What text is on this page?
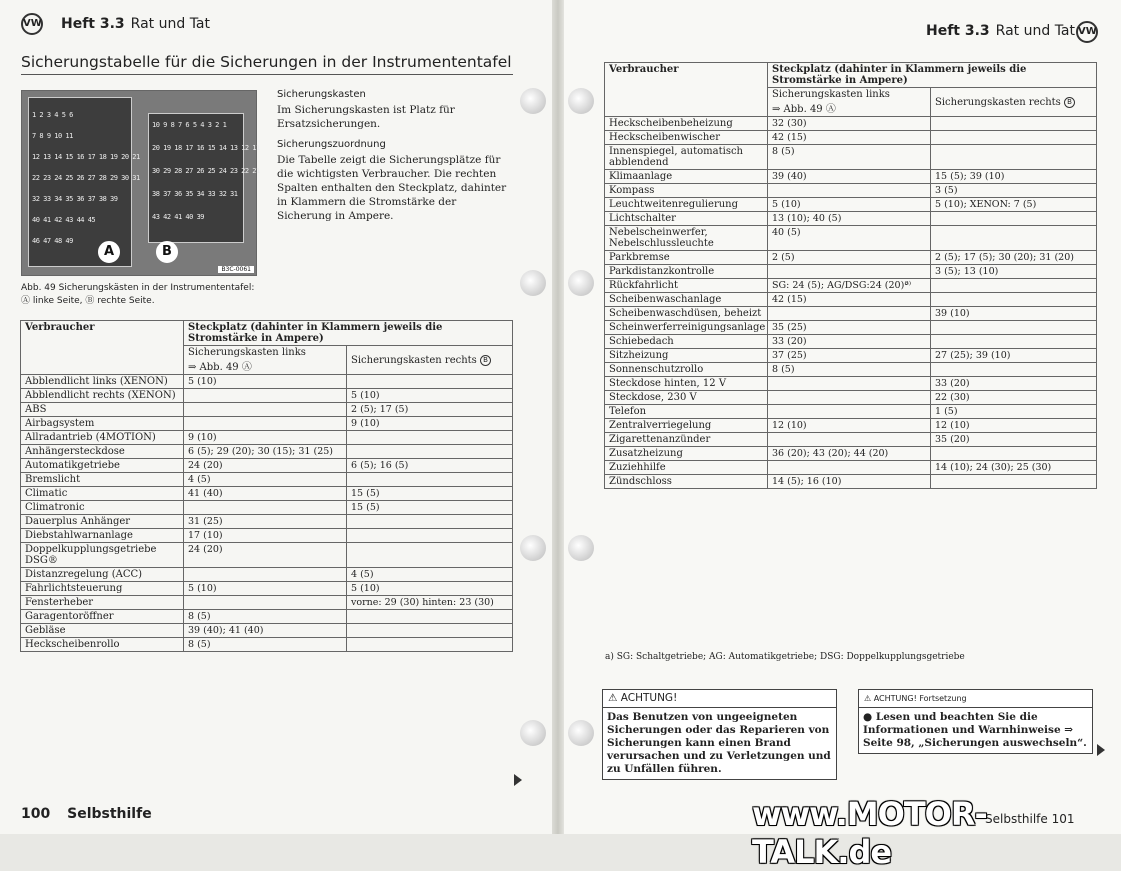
VW Heft 3.3 Rat und Tat
Sicherungstabelle für die Sicherungen in der Instrumententafel
1 2 3 4 5 6
7 8 9 10 11
12 13 14 15 16 17 18 19 20 21
22 23 24 25 26 27 28 29 30 31
32 33 34 35 36 37 38 39
40 41 42 43 44 45
46 47 48 49
10 9 8 7 6 5 4 3 2 1
20 19 18 17 16 15 14 13 12 11
30 29 28 27 26 25 24 23 22 21
38 37 36 35 34 33 32 31
43 42 41 40 39
A	B
B3C-0061
Abb. 49 Sicherungskästen in der Instrumententafel: Ⓐ linke Seite, Ⓑ rechte Seite.
Sicherungskasten

Im Sicherungskasten ist Platz für Ersatzsicherungen.

Sicherungszuordnung

Die Tabelle zeigt die Sicherungsplätze für die wichtigsten Verbraucher. Die rechten Spalten enthalten den Steckplatz, dahinter in Klammern die Stromstärke der Sicherung in Ampere.

Verbraucher	Steckplatz (dahinter in Klammern jeweils die Stromstärke in Ampere)	
	Sicherungskasten links
⇒ Abb. 49 Ⓐ	Sicherungskasten rechts B
Abblendlicht links (XENON)	5 (10)	
Abblendlicht rechts (XENON)		5 (10)
ABS		2 (5); 17 (5)
Airbagsystem		9 (10)
Allradantrieb (4MOTION)	9 (10)	
Anhängersteckdose	6 (5); 29 (20); 30 (15); 31 (25)	
Automatikgetriebe	24 (20)	6 (5); 16 (5)
Bremslicht	4 (5)	
Climatic	41 (40)	15 (5)
Climatronic		15 (5)
Dauerplus Anhänger	31 (25)	
Diebstahlwarnanlage	17 (10)	
Doppelkupplungsgetriebe DSG®	24 (20)	
Distanzregelung (ACC)		4 (5)
Fahrlichtsteuerung	5 (10)	5 (10)
Fensterheber		vorne: 29 (30) hinten: 23 (30)
Garagentoröffner	8 (5)	
Gebläse	39 (40); 41 (40)	
Heckscheibenrollo	8 (5)	
100 Selbsthilfe
Heft 3.3 Rat und Tat VW
Verbraucher	Steckplatz (dahinter in Klammern jeweils die Stromstärke in Ampere)	
	Sicherungskasten links
⇒ Abb. 49 Ⓐ	Sicherungskasten rechts B
Heckscheibenbeheizung	32 (30)	
Heckscheibenwischer	42 (15)	
Innenspiegel, automatisch abblendend	8 (5)	
Klimaanlage	39 (40)	15 (5); 39 (10)
Kompass		3 (5)
Leuchtweitenregulierung	5 (10)	5 (10); XENON: 7 (5)
Lichtschalter	13 (10); 40 (5)	
Nebelscheinwerfer, Nebelschlussleuchte	40 (5)	
Parkbremse	2 (5)	2 (5); 17 (5); 30 (20); 31 (20)
Parkdistanzkontrolle		3 (5); 13 (10)
Rückfahrlicht	SG: 24 (5); AG/DSG:24 (20)ª⁾	
Scheibenwaschanlage	42 (15)	
Scheibenwaschdüsen, beheizt		39 (10)
Scheinwerferreinigungsanlage	35 (25)	
Schiebedach	33 (20)	
Sitzheizung	37 (25)	27 (25); 39 (10)
Sonnenschutzrollo	8 (5)	
Steckdose hinten, 12 V		33 (20)
Steckdose, 230 V		22 (30)
Telefon		1 (5)
Zentralverriegelung	12 (10)	12 (10)
Zigarettenanzünder		35 (20)
Zusatzheizung	36 (20); 43 (20); 44 (20)	
Zuziehhilfe		14 (10); 24 (30); 25 (30)
Zündschloss	14 (5); 16 (10)	
a) SG: Schaltgetriebe; AG: Automatikgetriebe; DSG: Doppelkupplungsgetriebe
⚠ ACHTUNG!
Das Benutzen von ungeeigneten Sicherungen oder das Reparieren von Sicherungen kann einen Brand verursachen und zu Verletzungen und zu Unfällen führen.
⚠ ACHTUNG! Fortsetzung
● Lesen und beachten Sie die Informationen und Warnhinweise ⇒ Seite 98, „Sicherungen auswechseln“.
Selbsthilfe 101
www.MOTOR-TALK.de
